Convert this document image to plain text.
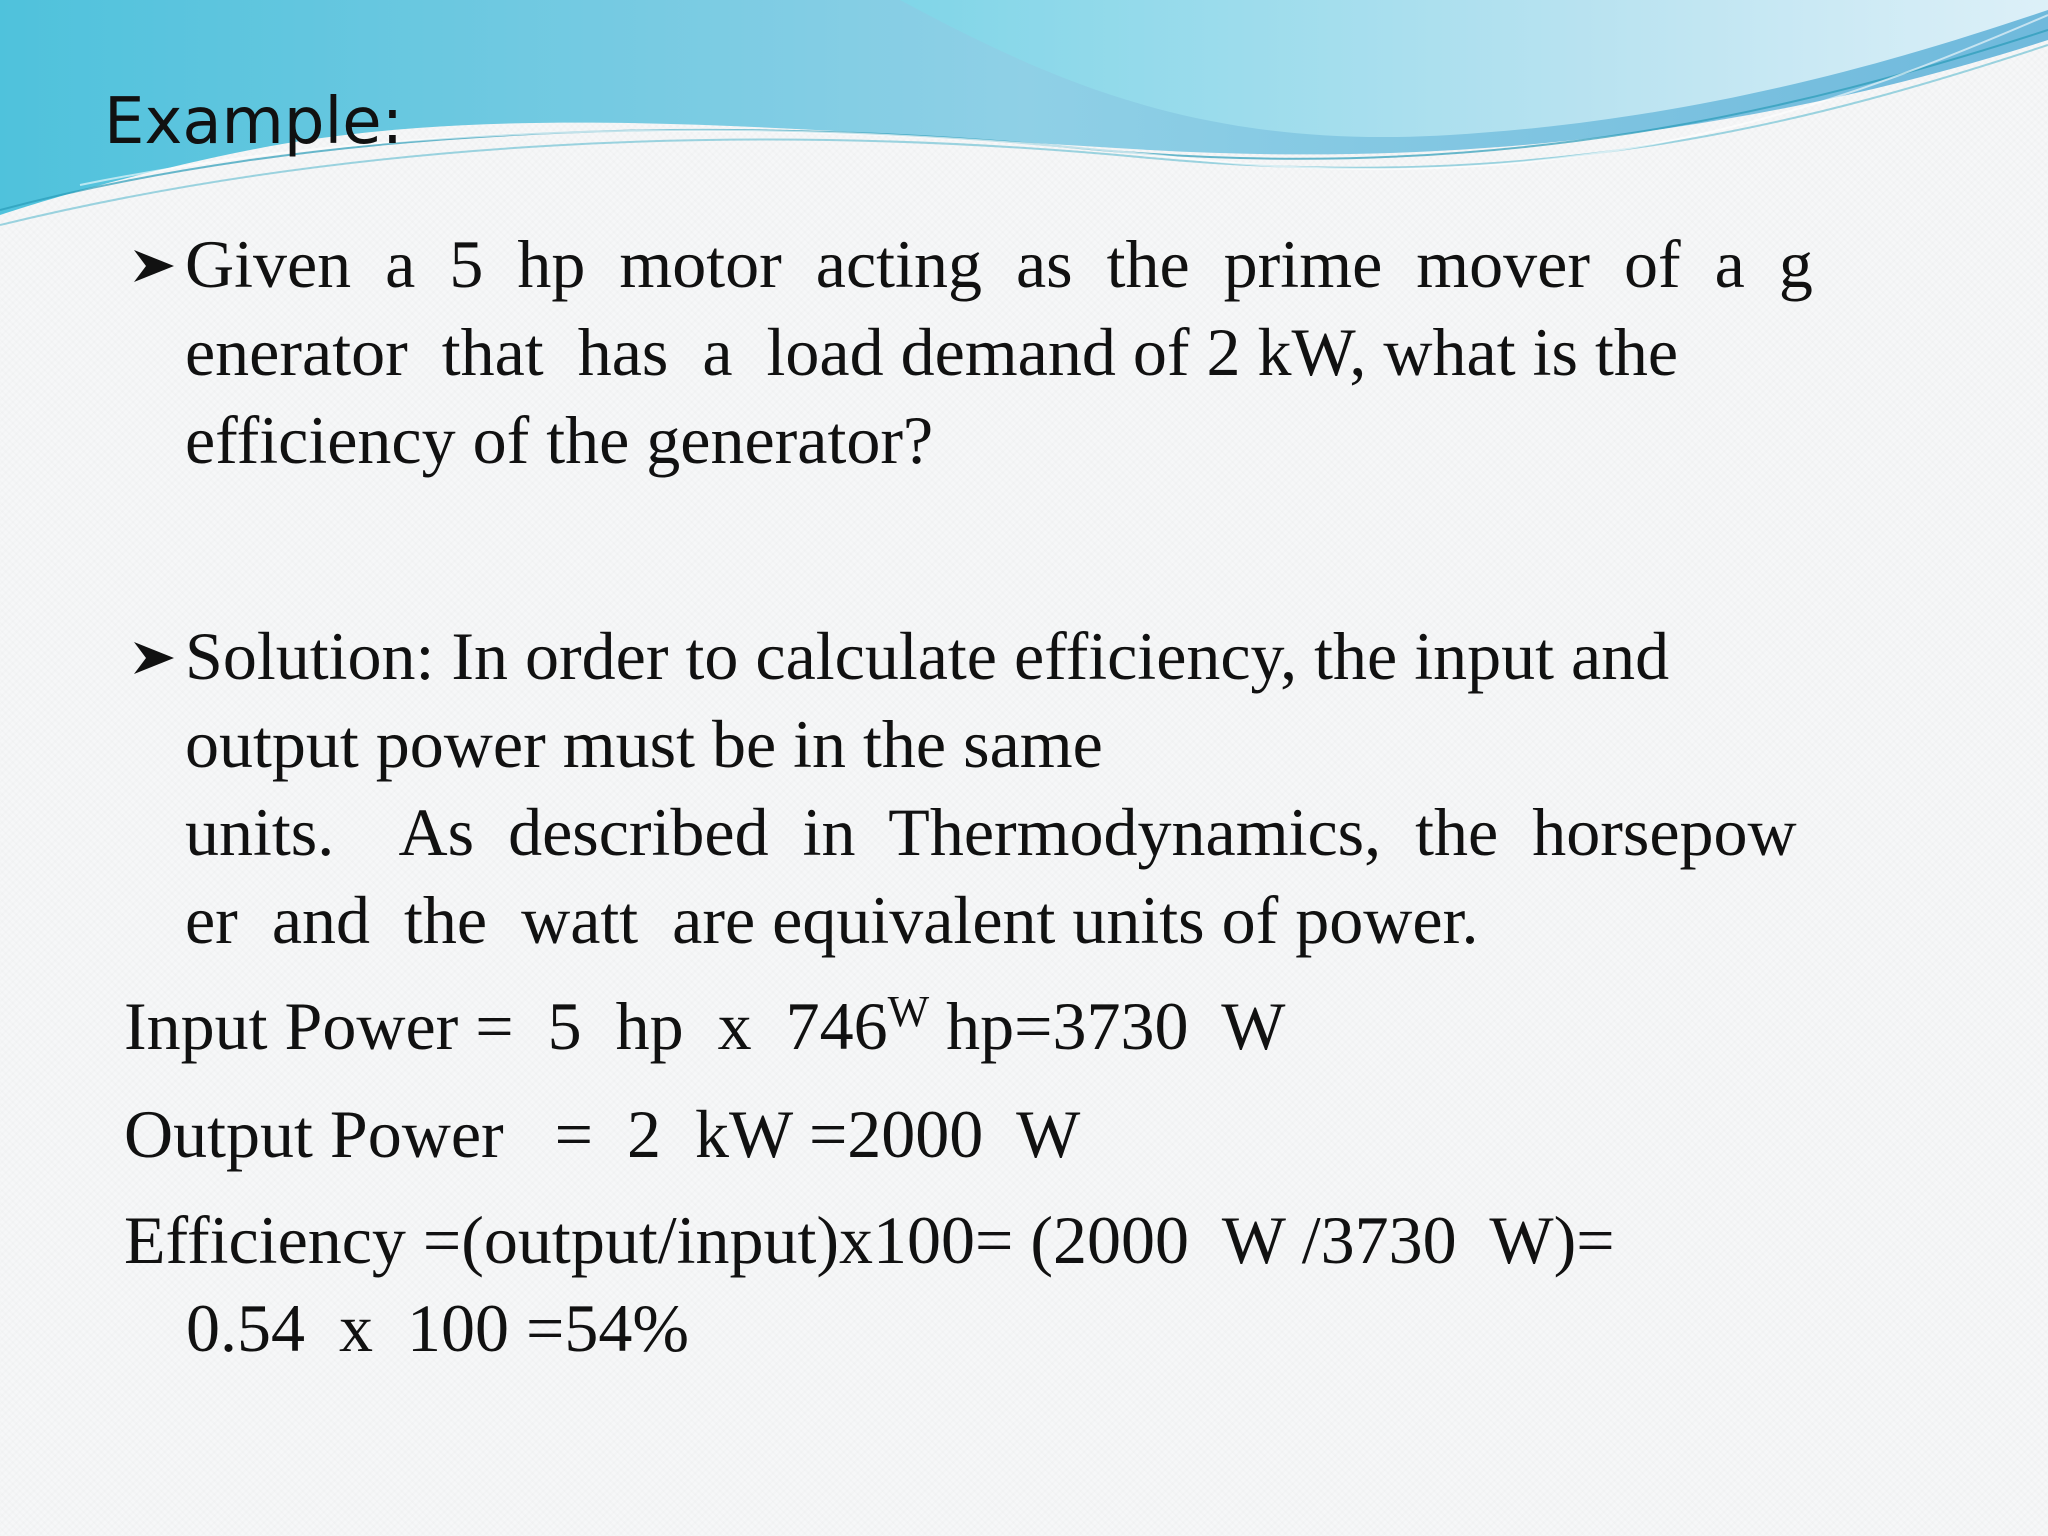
Example:
Given  a  5  hp  motor  acting  as  the  prime  mover  of  a  g
enerator  that  has  a  load demand of 2 kW, what is the
efficiency of the generator?
Solution: In order to calculate efficiency, the input and
output power must be in the same
units.    As  described  in  Thermodynamics,  the  horsepow
er  and  the  watt  are equivalent units of power.
Input Power =  5  hp  x  $746^W$ hp=3730  W
Output Power   =  2  kW =2000  W
Efficiency =(output/input)x100= (2000  W /3730  W)=
0.54  x  100 =54%
